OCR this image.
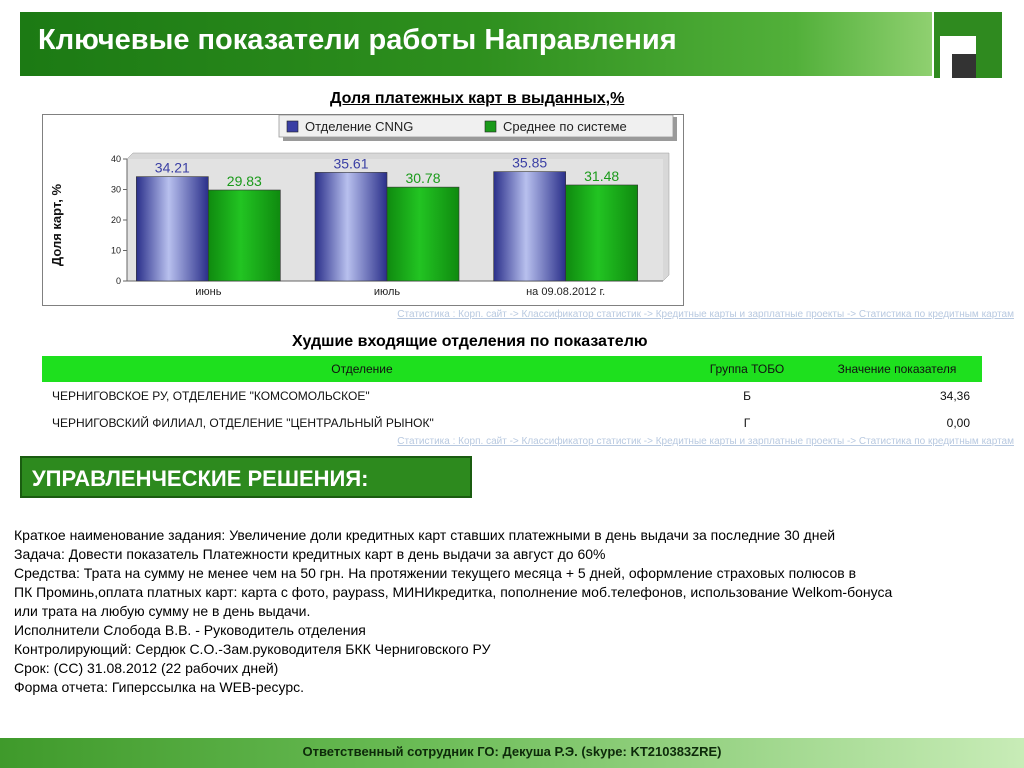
Ключевые показатели работы Направления
Доля платежных карт в выданных,%
0
10
20
30
40
Доля карт, %
34.21
29.83
июнь
35.61
30.78
июль
35.85
31.48
на 09.08.2012 г.
Отделение CNNG	Среднее по системе
Статистика : Корп. сайт -> Классификатор статистик -> Кредитные карты и зарплатные проекты -> Статистика по кредитным картам
Худшие входящие отделения по показателю
Отделение	Группа ТОБО	Значение показателя
ЧЕРНИГОВСКОЕ РУ, ОТДЕЛЕНИЕ "КОМСОМОЛЬСКОЕ"	Б	34,36
ЧЕРНИГОВСКИЙ ФИЛИАЛ, ОТДЕЛЕНИЕ "ЦЕНТРАЛЬНЫЙ РЫНОК"	Г	0,00
Статистика : Корп. сайт -> Классификатор статистик -> Кредитные карты и зарплатные проекты -> Статистика по кредитным картам
УПРАВЛЕНЧЕСКИЕ РЕШЕНИЯ:
Краткое наименование задания: Увеличение доли кредитных карт ставших платежными в день выдачи за последние 30 дней
Задача: Довести показатель Платежности кредитных карт в день выдачи за август до 60%
Средства: Трата на сумму не менее чем на 50 грн. На протяжении текущего месяца + 5 дней, оформление страховых полюсов в
ПК Проминь,оплата платных карт: карта с фото, paypass, МИНИкредитка, пополнение моб.телефонов, использование Welkom-бонуса
или трата на любую сумму не в день выдачи.
Исполнители Слобода В.В. - Руководитель отделения
Контролирующий: Сердюк С.О.-Зам.руководителя БКК Черниговского РУ
Срок: (СС) 31.08.2012 (22 рабочих дней)
Форма отчета: Гиперссылка на WEB-ресурс.
Ответственный сотрудник ГО: Декуша Р.Э. (skype: KT210383ZRE)
